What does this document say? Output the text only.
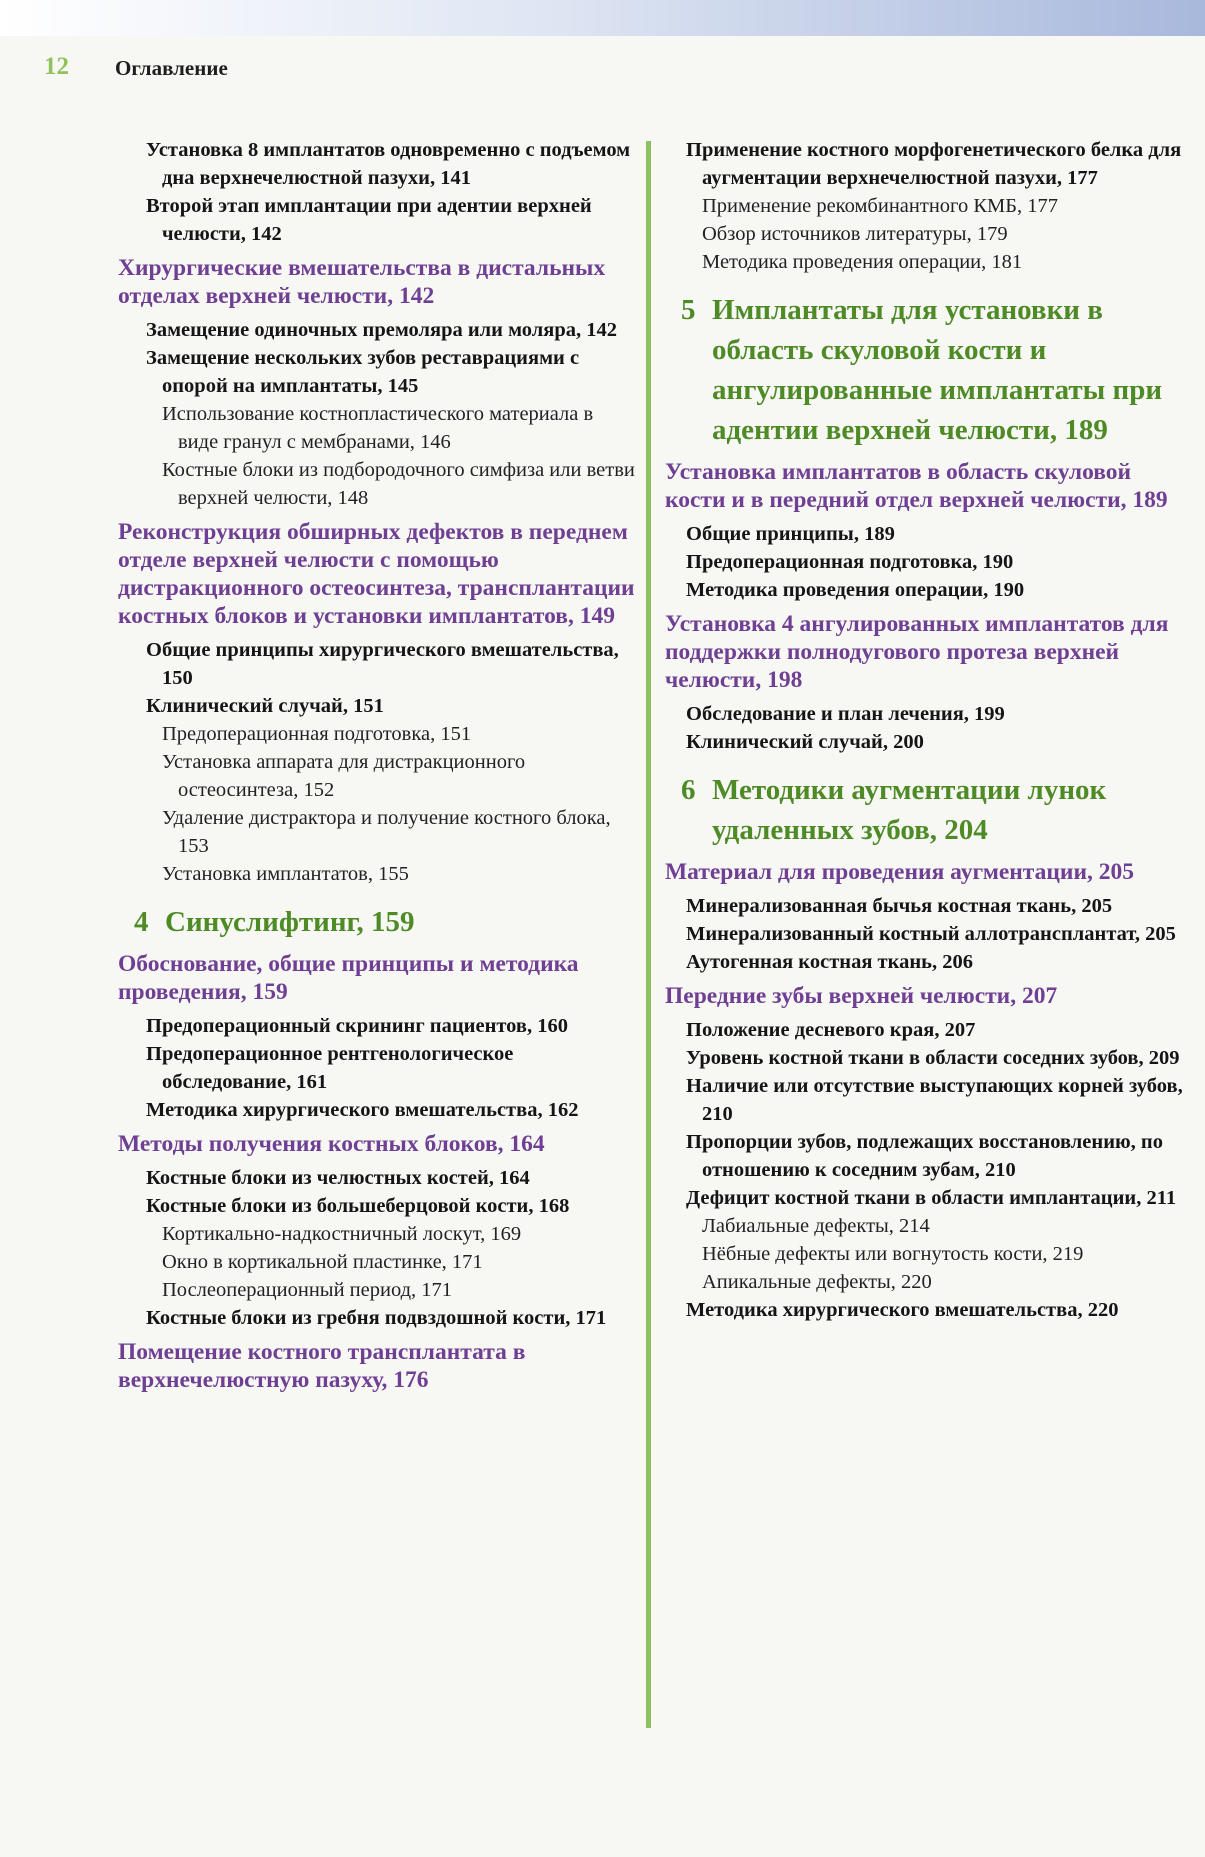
12 Оглавление
Установка 8 имплантатов одновременно с подъемом дна верхнечелюстной пазухи, 141
Второй этап имплантации при адентии верхней челюсти, 142
Хирургические вмешательства в дистальных отделах верхней челюсти, 142
Замещение одиночных премоляра или моляра, 142
Замещение нескольких зубов реставрациями с опорой на имплантаты, 145
Использование костнопластического материала в виде гранул с мембранами, 146
Костные блоки из подбородочного симфиза или ветви верхней челюсти, 148
Реконструкция обширных дефектов в переднем отделе верхней челюсти с помощью дистракционного остеосинтеза, трансплантации костных блоков и установки имплантатов, 149
Общие принципы хирургического вмешательства, 150
Клинический случай, 151
Предоперационная подготовка, 151
Установка аппарата для дистракционного остеосинтеза, 152
Удаление дистрактора и получение костного блока, 153
Установка имплантатов, 155
4 Синуслифтинг, 159
Обоснование, общие принципы и методика проведения, 159
Предоперационный скрининг пациентов, 160
Предоперационное рентгенологическое обследование, 161
Методика хирургического вмешательства, 162
Методы получения костных блоков, 164
Костные блоки из челюстных костей, 164
Костные блоки из большеберцовой кости, 168
Кортикально-надкостничный лоскут, 169
Окно в кортикальной пластинке, 171
Послеоперационный период, 171
Костные блоки из гребня подвздошной кости, 171
Помещение костного трансплантата в верхнечелюстную пазуху, 176
Применение костного морфогенетического белка для аугментации верхнечелюстной пазухи, 177
Применение рекомбинантного КМБ, 177
Обзор источников литературы, 179
Методика проведения операции, 181
5 Имплантаты для установки в область скуловой кости и ангулированные имплантаты при адентии верхней челюсти, 189
Установка имплантатов в область скуловой кости и в передний отдел верхней челюсти, 189
Общие принципы, 189
Предоперационная подготовка, 190
Методика проведения операции, 190
Установка 4 ангулированных имплантатов для поддержки полнодугового протеза верхней челюсти, 198
Обследование и план лечения, 199
Клинический случай, 200
6 Методики аугментации лунок удаленных зубов, 204
Материал для проведения аугментации, 205
Минерализованная бычья костная ткань, 205
Минерализованный костный аллотрансплантат, 205
Аутогенная костная ткань, 206
Передние зубы верхней челюсти, 207
Положение десневого края, 207
Уровень костной ткани в области соседних зубов, 209
Наличие или отсутствие выступающих корней зубов, 210
Пропорции зубов, подлежащих восстановлению, по отношению к соседним зубам, 210
Дефицит костной ткани в области имплантации, 211
Лабиальные дефекты, 214
Нёбные дефекты или вогнутость кости, 219
Апикальные дефекты, 220
Методика хирургического вмешательства, 220
